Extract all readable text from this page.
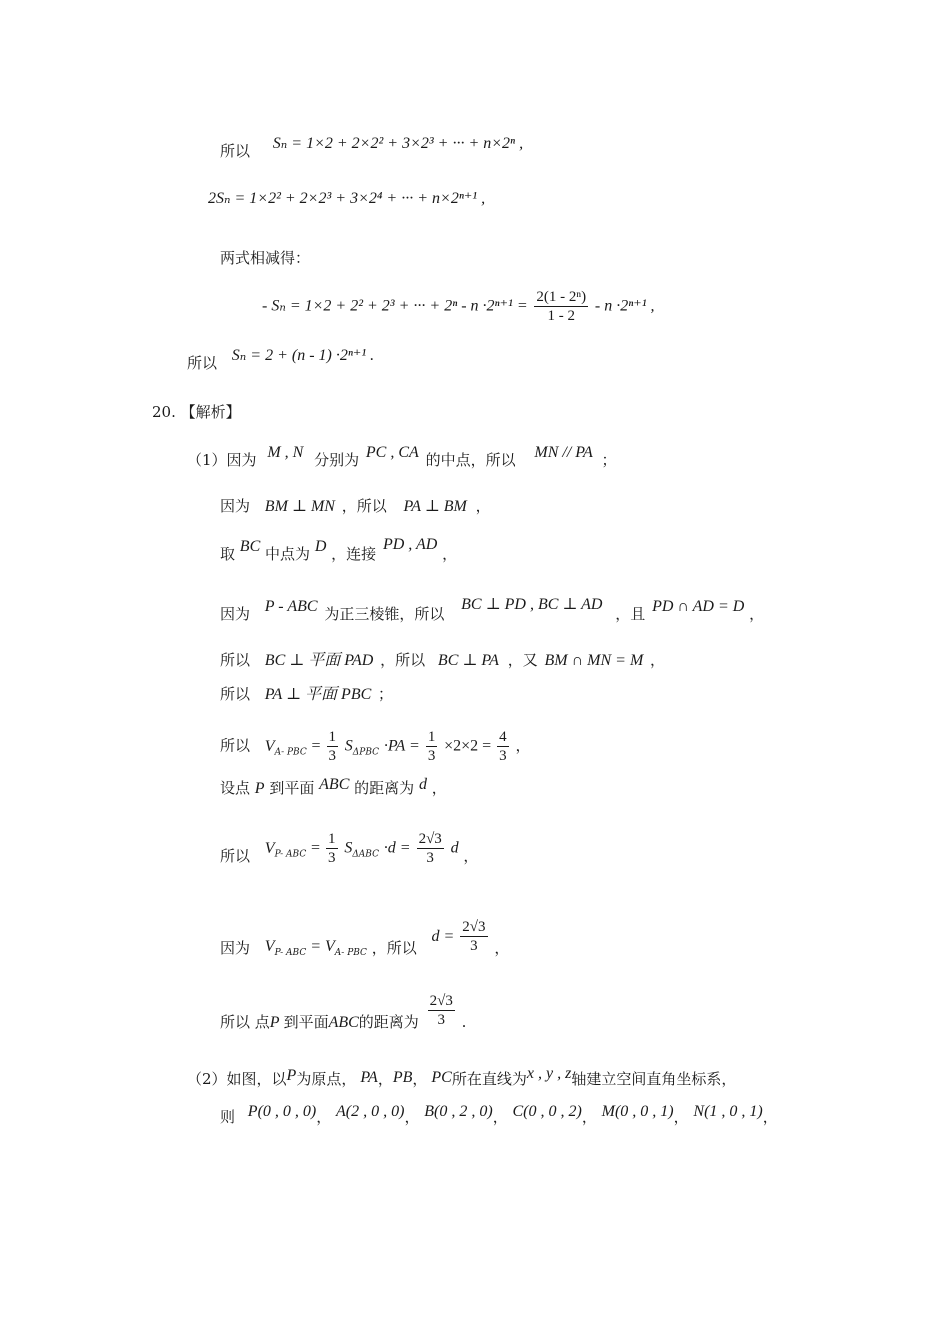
所以 Sₙ = 1×2 + 2×2² + 3×2³ + ··· + n×2ⁿ ,
2Sₙ = 1×2² + 2×2³ + 3×2⁴ + ··· + n×2ⁿ⁺¹ ,
两式相减得：
- Sₙ = 1×2 + 2² + 2³ + ··· + $2^n - n \cdot 2^{n+1} = \frac{\text{2(1 - 2ⁿ)}}{1 - 2} - n \cdot 2^{n+1}$ ,
所以 Sₙ = 2 + (n - 1) ·2ⁿ⁺¹ .
20. 【解析】
（1）因为 M , N 分别为 PC , CA 的中点，所以 MN // PA ；
因为 BM ⊥ MN ，所以 PA ⊥ BM ，
取 BC 中点为 D ，连接 PD , AD ，
因为 P - ABC 为正三棱锥，所以 BC ⊥ PD , BC ⊥ AD ，且 PD ∩ AD = D ，
所以 BC ⊥ 平面 PAD ，所以 BC ⊥ PA ，又 BM ∩ MN = M ，
所以 PA ⊥ 平面 PBC ；
所以 $V_{A- PBC} = \frac{1}{3} S_{\Delta PBC} \cdot PA = \frac{1}{3} \times 2\times 2 = \frac{4}{3}$ ，
设点 P 到平面 ABC 的距离为 d ，
所以 $V_{P- ABC} = \frac{1}{3} S_{\Delta ABC} \cdot d = \frac{2√3}{3}$ d ，
因为 $V_{P- ABC} = V_{A- PBC}$ ，所以 $d = \frac{2√3}{3}$ ，
所以 点P 到平面ABC的距离为 $\frac{2√3}{3}$ .
（2）如图，以P为原点， PA，PB， PC所在直线为x , y , z轴建立空间直角坐标系，
则 P(0 , 0 , 0)， A(2 , 0 , 0)， B(0 , 2 , 0)， C(0 , 0 , 2)， M(0 , 0 , 1)， N(1 , 0 , 1)，
